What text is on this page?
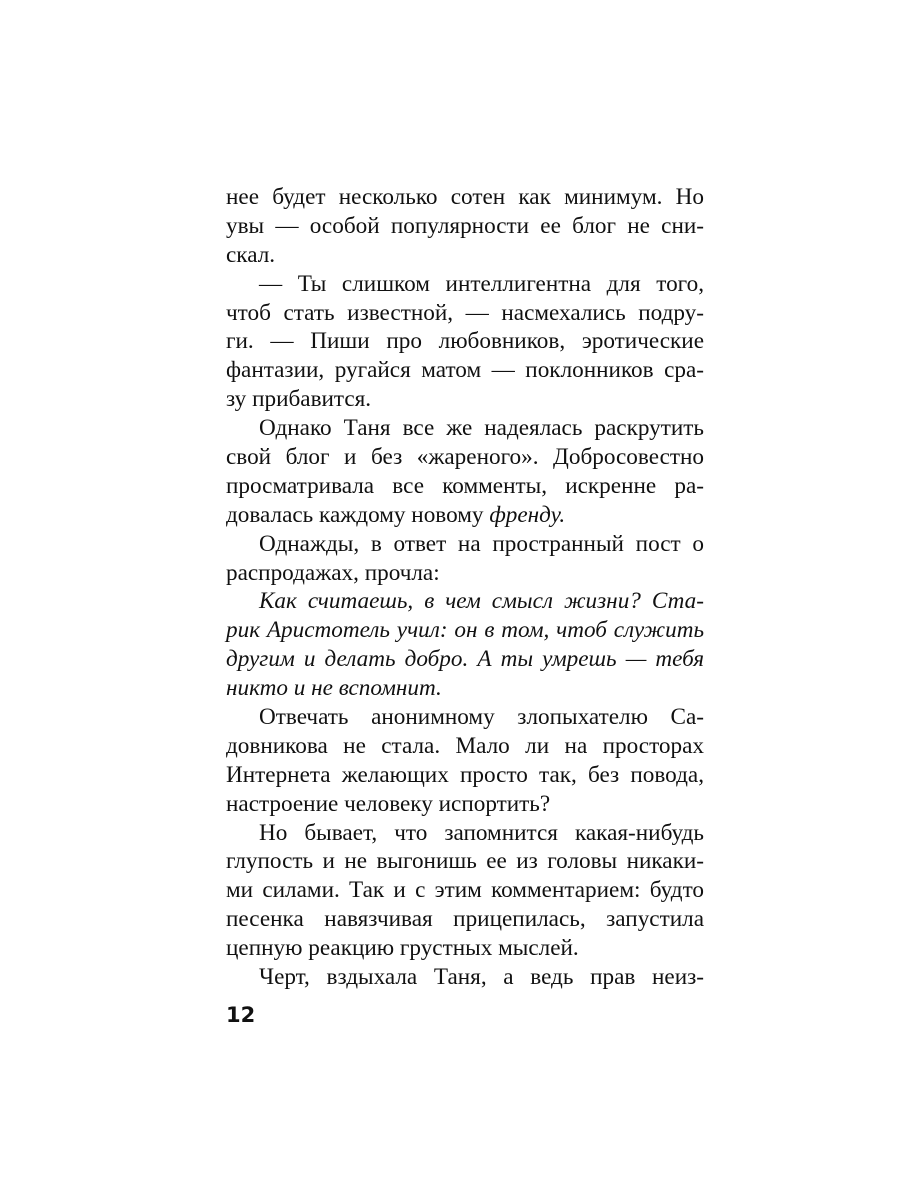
нее будет несколько сотен как минимум. Но
увы — особой популярности ее блог не сни-
скал.
— Ты слишком интеллигентна для того,
чтоб стать известной, — насмехались подру-
ги. — Пиши про любовников, эротические
фантазии, ругайся матом — поклонников сра-
зу прибавится.
Однако Таня все же надеялась раскрутить
свой блог и без «жареного». Добросовестно
просматривала все комменты, искренне ра-
довалась каждому новому френду.
Однажды, в ответ на пространный пост о
распродажах, прочла:
Как считаешь, в чем смысл жизни? Ста-
рик Аристотель учил: он в том, чтоб служить
другим и делать добро. А ты умрешь — тебя
никто и не вспомнит.
Отвечать анонимному злопыхателю Са-
довникова не стала. Мало ли на просторах
Интернета желающих просто так, без повода,
настроение человеку испортить?
Но бывает, что запомнится какая-нибудь
глупость и не выгонишь ее из головы никаки-
ми силами. Так и с этим комментарием: будто
песенка навязчивая прицепилась, запустила
цепную реакцию грустных мыслей.
Черт, вздыхала Таня, а ведь прав неиз-
12
